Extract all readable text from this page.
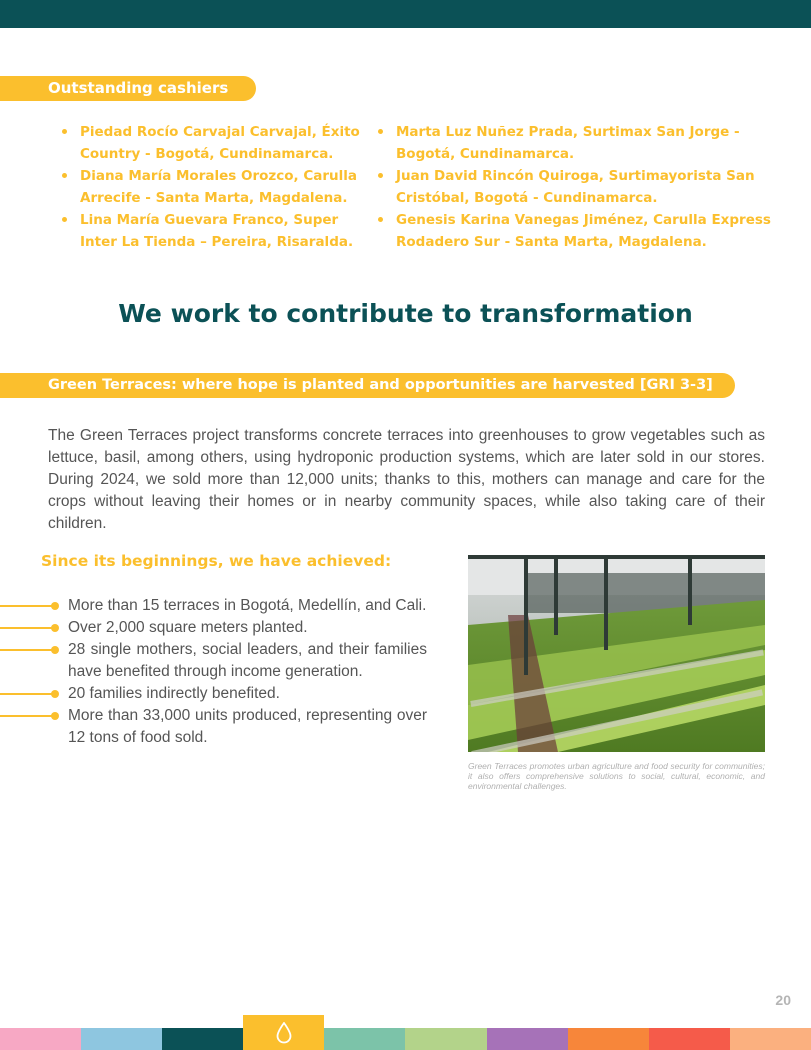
Outstanding cashiers
Piedad Rocío Carvajal Carvajal, Éxito Country - Bogotá, Cundinamarca.
Diana María Morales Orozco, Carulla Arrecife - Santa Marta, Magdalena.
Lina María Guevara Franco, Super Inter La Tienda – Pereira, Risaralda.
Marta Luz Nuñez Prada, Surtimax San Jorge - Bogotá, Cundinamarca.
Juan David Rincón Quiroga, Surtimayorista San Cristóbal, Bogotá - Cundinamarca.
Genesis Karina Vanegas Jiménez, Carulla Express Rodadero Sur - Santa Marta, Magdalena.
We work to contribute to transformation
Green Terraces: where hope is planted and opportunities are harvested [GRI 3-3]

The Green Terraces project transforms concrete terraces into greenhouses to grow vegetables such as lettuce, basil, among others, using hydroponic production systems, which are later sold in our stores. During 2024, we sold more than 12,000 units; thanks to this, mothers can manage and care for the crops without leaving their homes or in nearby community spaces, while also taking care of their children.

Since its beginnings, we have achieved:
More than 15 terraces in Bogotá, Medellín, and Cali.
Over 2,000 square meters planted.
28 single mothers, social leaders, and their families have benefited through income generation.
20 families indirectly benefited.
More than 33,000 units produced, representing over 12 tons of food sold.

Green Terraces promotes urban agriculture and food security for communities; it also offers comprehensive solutions to social, cultural, economic, and environmental challenges.

20
